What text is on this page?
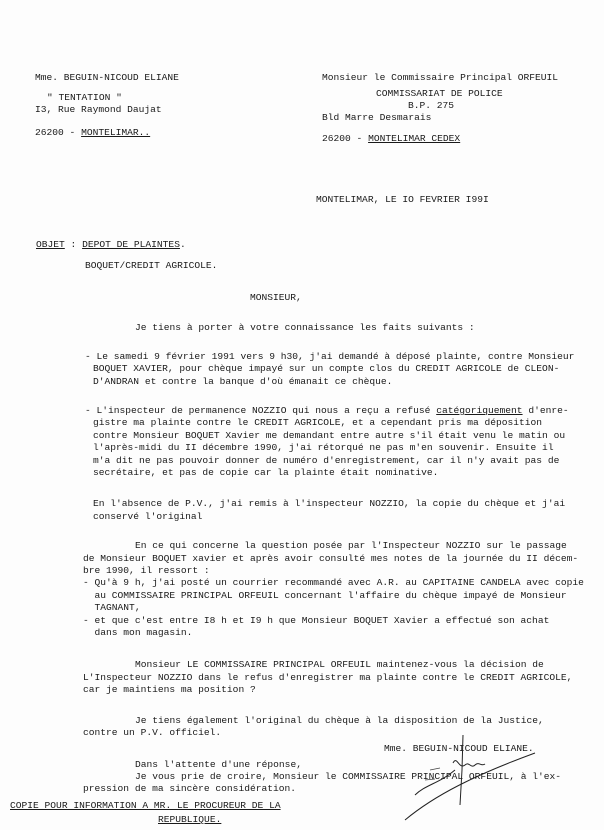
Mme. BEGUIN-NICOUD ELIANE
" TENTATION "
I3, Rue Raymond Daujat
26200 - MONTELIMAR..
Monsieur le Commissaire Principal ORFEUIL
COMMISSARIAT DE POLICE
B.P. 275
Bld Marre Desmarais
26200 - MONTELIMAR CEDEX
MONTELIMAR, LE IO FEVRIER I99I
OBJET : DEPOT DE PLAINTES.
BOQUET/CREDIT AGRICOLE.
MONSIEUR,
Je tiens à porter à votre connaissance les faits suivants :
- Le samedi 9 février 1991 vers 9 h30, j'ai demandé à déposé plainte, contre Monsieur
BOQUET XAVIER, pour chèque impayé sur un compte clos du CREDIT AGRICOLE de CLEON-
D'ANDRAN et contre la banque d'où émanait ce chèque.
- L'inspecteur de permanence NOZZIO qui nous a reçu a refusé catégoriquement d'enre-
gistre ma plainte contre le CREDIT AGRICOLE, et a cependant pris ma déposition
contre Monsieur BOQUET Xavier me demandant entre autre s'il était venu le matin ou
l'après-midi du II décembre 1990, j'ai rétorqué ne pas m'en souvenir. Ensuite il
m'a dit ne pas pouvoir donner de numéro d'enregistrement, car il n'y avait pas de
secrétaire, et pas de copie car la plainte était nominative.
En l'absence de P.V., j'ai remis à l'inspecteur NOZZIO, la copie du chèque et j'ai
conservé l'original
En ce qui concerne la question posée par l'Inspecteur NOZZIO sur le passage
de Monsieur BOQUET xavier et après avoir consulté mes notes de la journée du II décem-
bre 1990, il ressort :
- Qu'à 9 h, j'ai posté un courrier recommandé avec A.R. au CAPITAINE CANDELA avec copie
au COMMISSAIRE PRINCIPAL ORFEUIL concernant l'affaire du chèque impayé de Monsieur
TAGNANT,
- et que c'est entre I8 h et I9 h que Monsieur BOQUET Xavier a effectué son achat
dans mon magasin.
Monsieur LE COMMISSAIRE PRINCIPAL ORFEUIL maintenez-vous la décision de
L'Inspecteur NOZZIO dans le refus d'enregistrer ma plainte contre le CREDIT AGRICOLE,
car je maintiens ma position ?
Je tiens également l'original du chèque à la disposition de la Justice,
contre un P.V. officiel.
Dans l'attente d'une réponse,
Je vous prie de croire, Monsieur le COMMISSAIRE PRINCIPAL ORFEUIL, à l'ex-
pression de ma sincère considération.
Mme. BEGUIN-NICOUD ELIANE.
COPIE POUR INFORMATION A MR. LE PROCUREUR DE LA
REPUBLIQUE.
